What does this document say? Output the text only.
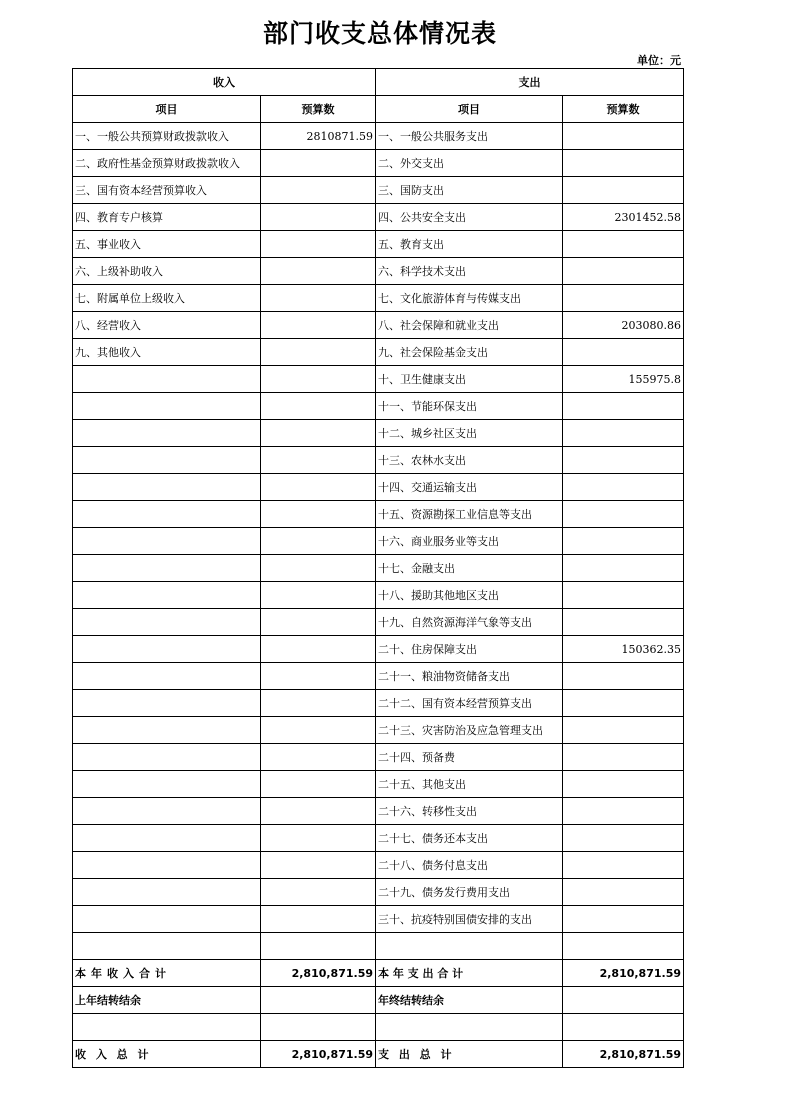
部门收支总体情况表
单位：元
收入		支出	
项目	预算数	项目	预算数
一、一般公共预算财政拨款收入	2810871.59	一、一般公共服务支出	
二、政府性基金预算财政拨款收入		二、外交支出	
三、国有资本经营预算收入		三、国防支出	
四、教育专户核算		四、公共安全支出	2301452.58
五、事业收入		五、教育支出	
六、上级补助收入		六、科学技术支出	
七、附属单位上级收入		七、文化旅游体育与传媒支出	
八、经营收入		八、社会保障和就业支出	203080.86
九、其他收入		九、社会保险基金支出	
		十、卫生健康支出	155975.8
		十一、节能环保支出	
		十二、城乡社区支出	
		十三、农林水支出	
		十四、交通运输支出	
		十五、资源勘探工业信息等支出	
		十六、商业服务业等支出	
		十七、金融支出	
		十八、援助其他地区支出	
		十九、自然资源海洋气象等支出	
		二十、住房保障支出	150362.35
		二十一、粮油物资储备支出	
		二十二、国有资本经营预算支出	
		二十三、灾害防治及应急管理支出	
		二十四、预备费	
		二十五、其他支出	
		二十六、转移性支出	
		二十七、债务还本支出	
		二十八、债务付息支出	
		二十九、债务发行费用支出	
		三十、抗疫特别国债安排的支出	

本年收入合计	2,810,871.59	本 年 支 出 合 计	2,810,871.59
上年结转结余		年终结转结余	

收 入 总 计	2,810,871.59	支 出 总 计	2,810,871.59
